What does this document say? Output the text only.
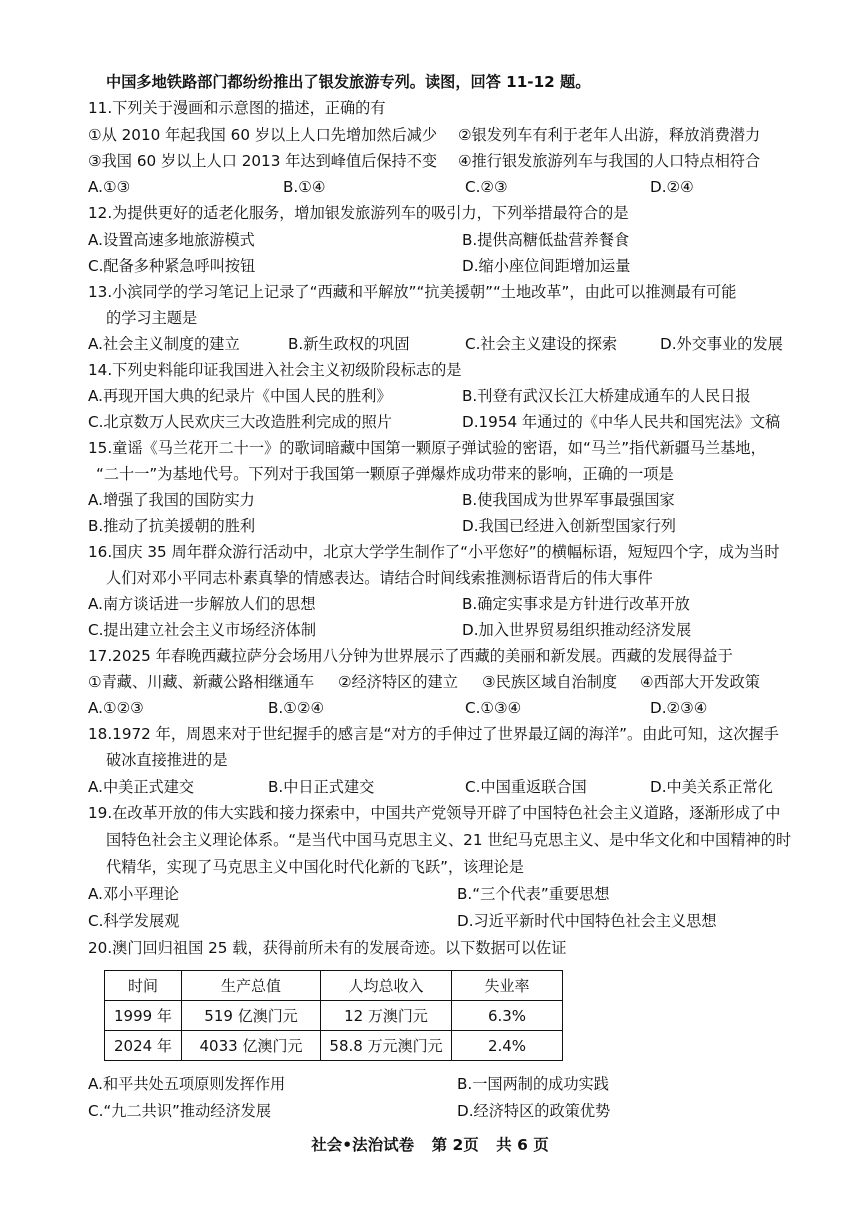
中国多地铁路部门都纷纷推出了银发旅游专列。读图，回答 11-12 题。
11.下列关于漫画和示意图的描述，正确的有
①从 2010 年起我国 60 岁以上人口先增加然后减少 ②银发列车有利于老年人出游，释放消费潜力
③我国 60 岁以上人口 2013 年达到峰值后保持不变 ④推行银发旅游列车与我国的人口特点相符合
A.①③	B.①④	C.②③	D.②④
12.为提供更好的适老化服务，增加银发旅游列车的吸引力，下列举措最符合的是
A.设置高速多地旅游模式	B.提供高糖低盐营养餐食
C.配备多种紧急呼叫按钮	D.缩小座位间距增加运量
13.小滨同学的学习笔记上记录了“西藏和平解放”“抗美援朝”“土地改革”，由此可以推测最有可能
的学习主题是
A.社会主义制度的建立	B.新生政权的巩固	C.社会主义建设的探索	D.外交事业的发展
14.下列史料能印证我国进入社会主义初级阶段标志的是
A.再现开国大典的纪录片《中国人民的胜利》	B.刊登有武汉长江大桥建成通车的人民日报
C.北京数万人民欢庆三大改造胜利完成的照片	D.1954 年通过的《中华人民共和国宪法》文稿
15.童谣《马兰花开二十一》的歌词暗藏中国第一颗原子弹试验的密语，如“马兰”指代新疆马兰基地，
“二十一”为基地代号。下列对于我国第一颗原子弹爆炸成功带来的影响，正确的一项是
A.增强了我国的国防实力	B.使我国成为世界军事最强国家
B.推动了抗美援朝的胜利	D.我国已经进入创新型国家行列
16.国庆 35 周年群众游行活动中，北京大学学生制作了“小平您好”的横幅标语，短短四个字，成为当时
人们对邓小平同志朴素真挚的情感表达。请结合时间线索推测标语背后的伟大事件
A.南方谈话进一步解放人们的思想	B.确定实事求是方针进行改革开放
C.提出建立社会主义市场经济体制	D.加入世界贸易组织推动经济发展
17.2025 年春晚西藏拉萨分会场用八分钟为世界展示了西藏的美丽和新发展。西藏的发展得益于
①青藏、川藏、新藏公路相继通车 ②经济特区的建立 ③民族区域自治制度 ④西部大开发政策
A.①②③	B.①②④	C.①③④	D.②③④
18.1972 年，周恩来对于世纪握手的感言是“对方的手伸过了世界最辽阔的海洋”。由此可知，这次握手
破冰直接推进的是
A.中美正式建交	B.中日正式建交	C.中国重返联合国	D.中美关系正常化
19.在改革开放的伟大实践和接力探索中，中国共产党领导开辟了中国特色社会主义道路，逐渐形成了中
国特色社会主义理论体系。“是当代中国马克思主义、21 世纪马克思主义、是中华文化和中国精神的时
代精华，实现了马克思主义中国化时代化新的飞跃”，该理论是
A.邓小平理论	B.“三个代表”重要思想
C.科学发展观	D.习近平新时代中国特色社会主义思想
20.澳门回归祖国 25 载，获得前所未有的发展奇迹。以下数据可以佐证
时间	生产总值	人均总收入	失业率
1999 年	519 亿澳门元	12 万澳门元	6.3%
2024 年	4033 亿澳门元	58.8 万元澳门元	2.4%
A.和平共处五项原则发挥作用	B.一国两制的成功实践
C.“九二共识”推动经济发展	D.经济特区的政策优势
社会•法治试卷 第 2页 共 6 页
